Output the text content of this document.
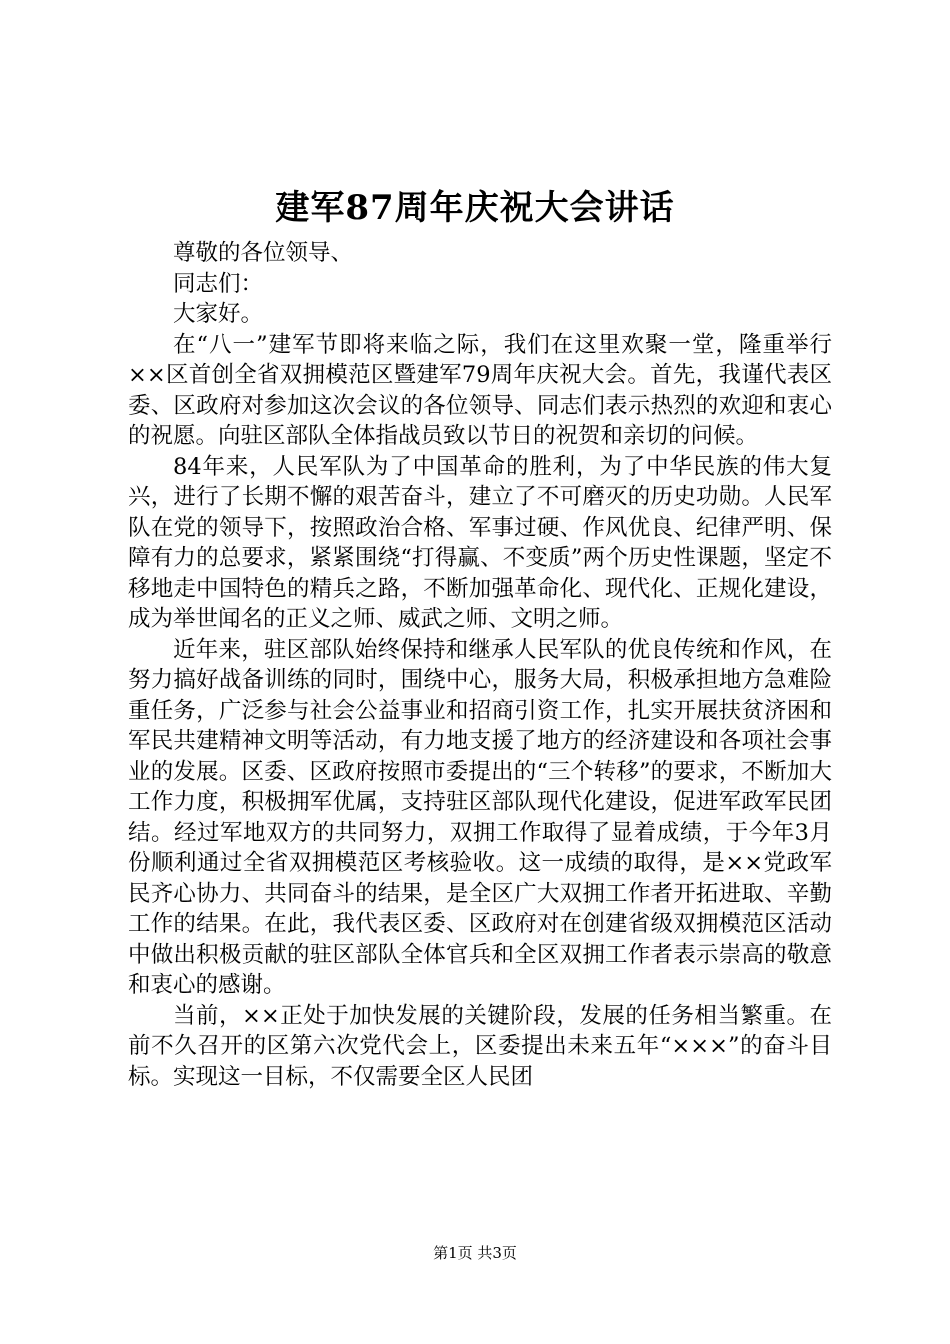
建军87周年庆祝大会讲话

尊敬的各位领导、

同志们：

大家好。

在“八一”建军节即将来临之际，我们在这里欢聚一堂，隆重举行××区首创全省双拥模范区暨建军79周年庆祝大会。首先，我谨代表区委、区政府对参加这次会议的各位领导、同志们表示热烈的欢迎和衷心的祝愿。向驻区部队全体指战员致以节日的祝贺和亲切的问候。

84年来，人民军队为了中国革命的胜利，为了中华民族的伟大复兴，进行了长期不懈的艰苦奋斗，建立了不可磨灭的历史功勋。人民军队在党的领导下，按照政治合格、军事过硬、作风优良、纪律严明、保障有力的总要求，紧紧围绕“打得赢、不变质”两个历史性课题，坚定不移地走中国特色的精兵之路，不断加强革命化、现代化、正规化建设，成为举世闻名的正义之师、威武之师、文明之师。

近年来，驻区部队始终保持和继承人民军队的优良传统和作风，在努力搞好战备训练的同时，围绕中心，服务大局，积极承担地方急难险重任务，广泛参与社会公益事业和招商引资工作，扎实开展扶贫济困和军民共建精神文明等活动，有力地支援了地方的经济建设和各项社会事业的发展。区委、区政府按照市委提出的“三个转移”的要求，不断加大工作力度，积极拥军优属，支持驻区部队现代化建设，促进军政军民团结。经过军地双方的共同努力，双拥工作取得了显着成绩，于今年3月份顺利通过全省双拥模范区考核验收。这一成绩的取得，是××党政军民齐心协力、共同奋斗的结果，是全区广大双拥工作者开拓进取、辛勤工作的结果。在此，我代表区委、区政府对在创建省级双拥模范区活动中做出积极贡献的驻区部队全体官兵和全区双拥工作者表示崇高的敬意和衷心的感谢。

当前，××正处于加快发展的关键阶段，发展的任务相当繁重。在前不久召开的区第六次党代会上，区委提出未来五年“×××”的奋斗目标。实现这一目标，不仅需要全区人民团

第1页 共3页
